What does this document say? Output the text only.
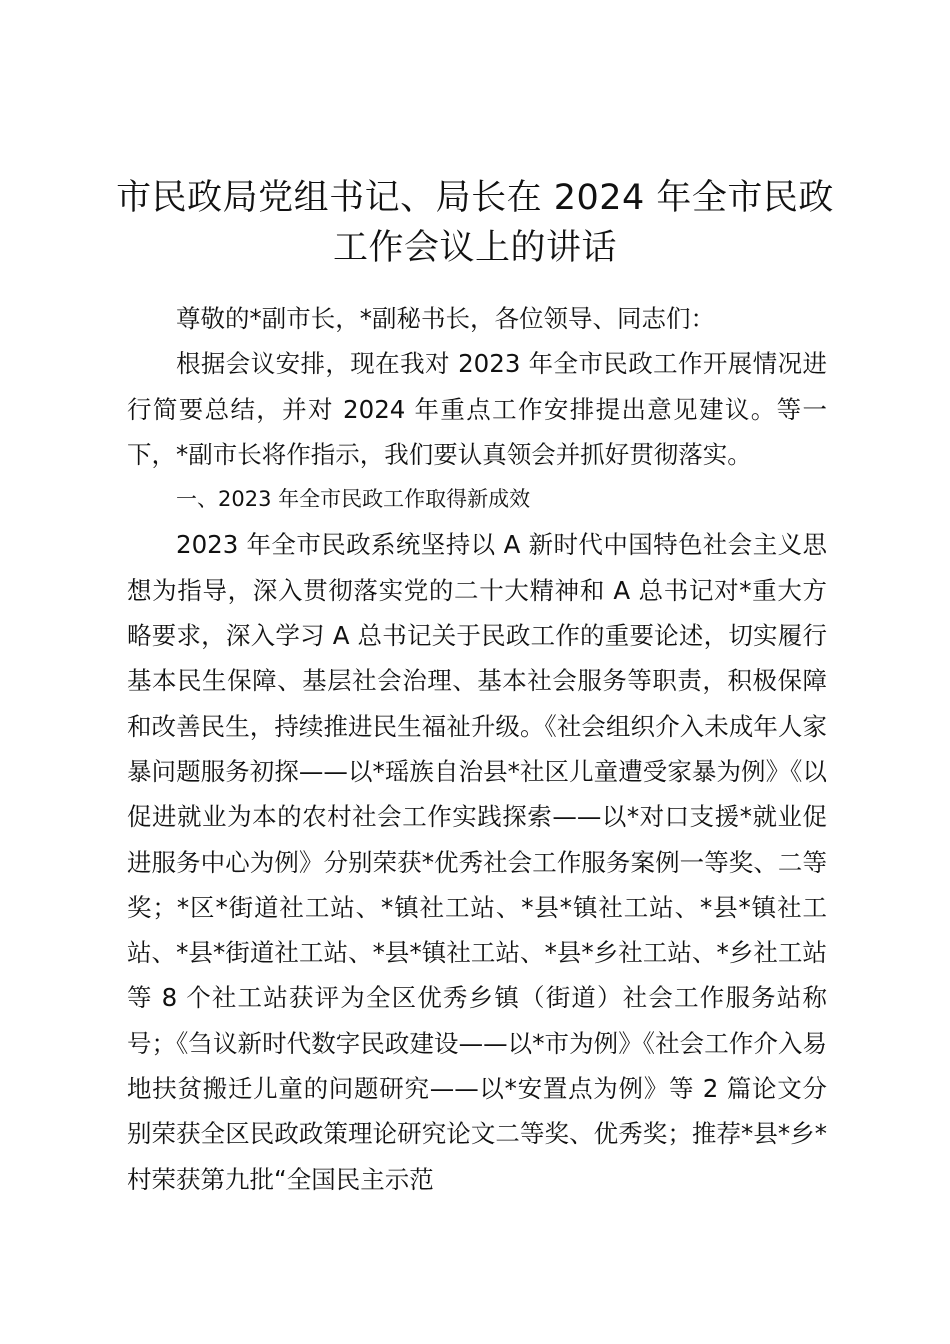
市民政局党组书记、局长在 2024 年全市民政
工作会议上的讲话

尊敬的*副市长，*副秘书长，各位领导、同志们：

根据会议安排，现在我对 2023 年全市民政工作开展情况进行简要总结，并对 2024 年重点工作安排提出意见建议。等一下，*副市长将作指示，我们要认真领会并抓好贯彻落实。

一、2023 年全市民政工作取得新成效

2023 年全市民政系统坚持以 A 新时代中国特色社会主义思想为指导，深入贯彻落实党的二十大精神和 A 总书记对*重大方略要求，深入学习 A 总书记关于民政工作的重要论述，切实履行基本民生保障、基层社会治理、基本社会服务等职责，积极保障和改善民生，持续推进民生福祉升级。《社会组织介入未成年人家暴问题服务初探——以*瑶族自治县*社区儿童遭受家暴为例》《以促进就业为本的农村社会工作实践探索——以*对口支援*就业促进服务中心为例》分别荣获*优秀社会工作服务案例一等奖、二等奖；*区*街道社工站、*镇社工站、*县*镇社工站、*县*镇社工站、*县*街道社工站、*县*镇社工站、*县*乡社工站、*乡社工站等 8 个社工站获评为全区优秀乡镇（街道）社会工作服务站称号；《刍议新时代数字民政建设——以*市为例》《社会工作介入易地扶贫搬迁儿童的问题研究——以*安置点为例》等 2 篇论文分别荣获全区民政政策理论研究论文二等奖、优秀奖；推荐*县*乡*村荣获第九批“全国民主示范
